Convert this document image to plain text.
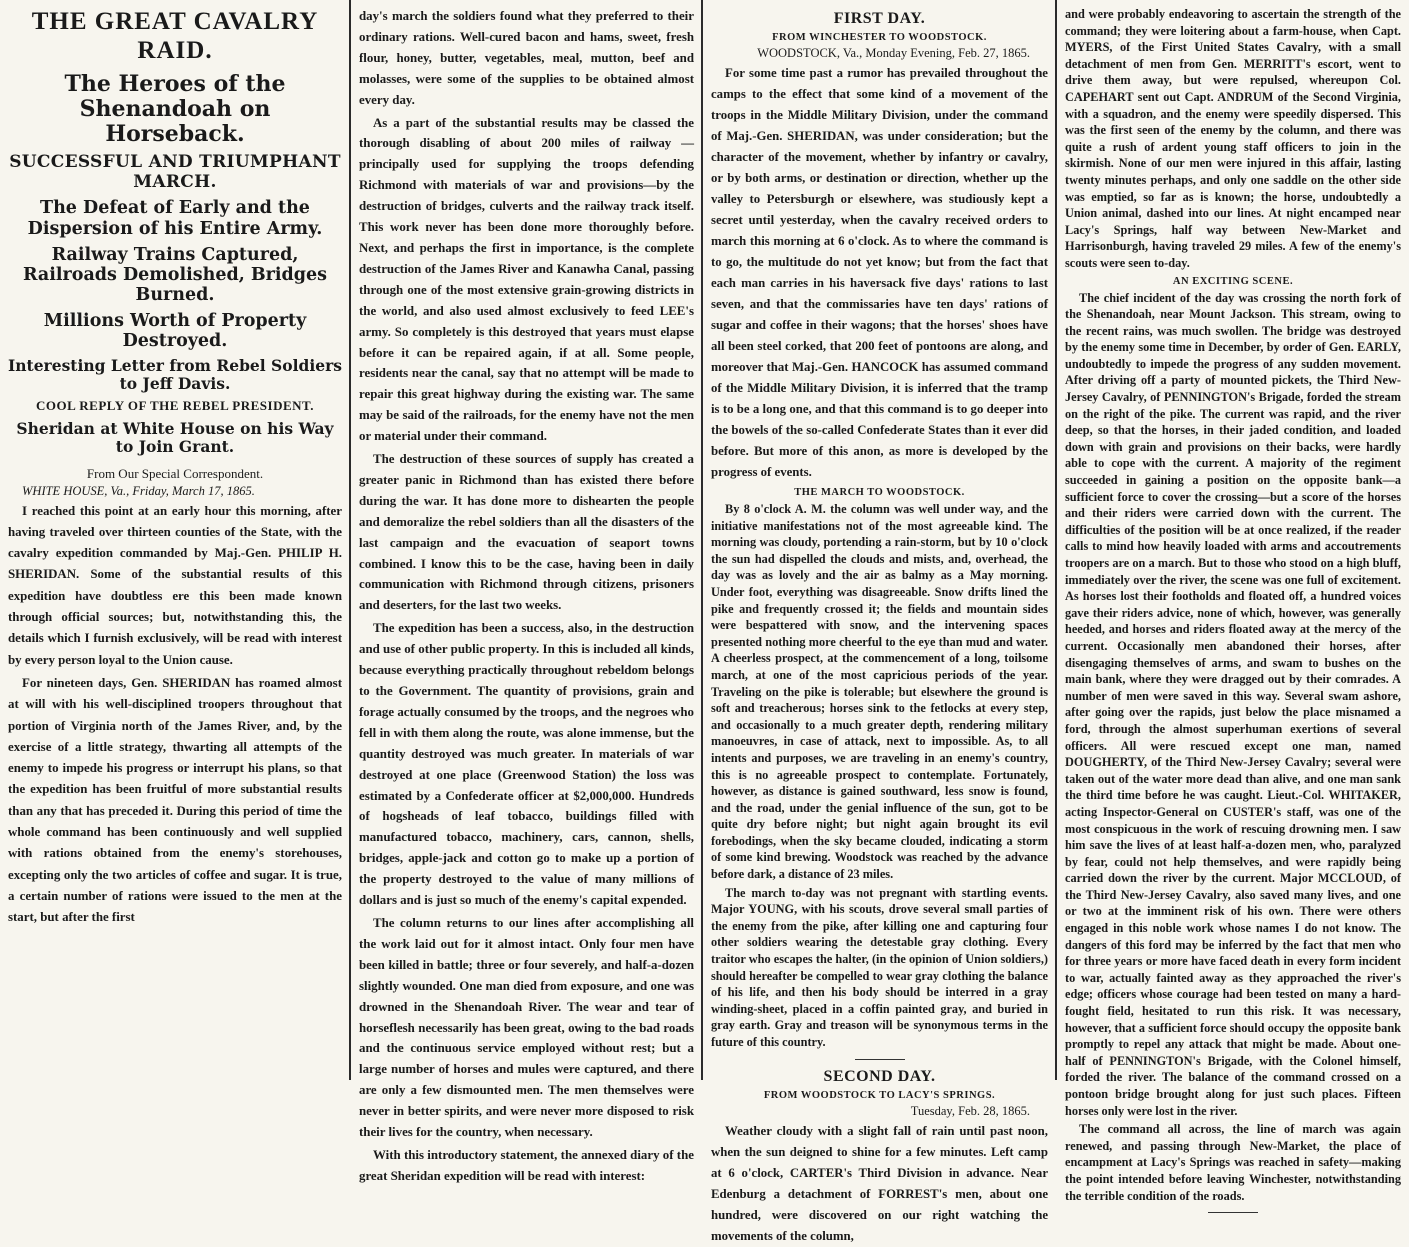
THE GREAT CAVALRY RAID.
The Heroes of the Shenandoah on Horseback.
SUCCESSFUL AND TRIUMPHANT MARCH.
The Defeat of Early and the Dispersion of his Entire Army.
Railway Trains Captured, Railroads Demolished, Bridges Burned.
Millions Worth of Property Destroyed.
Interesting Letter from Rebel Soldiers to Jeff Davis.
COOL REPLY OF THE REBEL PRESIDENT.
Sheridan at White House on his Way to Join Grant.
From Our Special Correspondent.
WHITE HOUSE, Va., Friday, March 17, 1865.

I reached this point at an early hour this morning, after having traveled over thirteen counties of the State, with the cavalry expedition commanded by Maj.-Gen. PHILIP H. SHERIDAN. Some of the substantial results of this expedition have doubtless ere this been made known through official sources; but, notwithstanding this, the details which I furnish exclusively, will be read with interest by every person loyal to the Union cause.

For nineteen days, Gen. SHERIDAN has roamed almost at will with his well-disciplined troopers throughout that portion of Virginia north of the James River, and, by the exercise of a little strategy, thwarting all attempts of the enemy to impede his progress or interrupt his plans, so that the expedition has been fruitful of more substantial results than any that has preceded it. During this period of time the whole command has been continuously and well supplied with rations obtained from the enemy's storehouses, excepting only the two articles of coffee and sugar. It is true, a certain number of rations were issued to the men at the start, but after the first

day's march the soldiers found what they preferred to their ordinary rations. Well-cured bacon and hams, sweet, fresh flour, honey, butter, vegetables, meal, mutton, beef and molasses, were some of the supplies to be obtained almost every day.

As a part of the substantial results may be classed the thorough disabling of about 200 miles of railway —principally used for supplying the troops defending Richmond with materials of war and provisions—by the destruction of bridges, culverts and the railway track itself. This work never has been done more thoroughly before. Next, and perhaps the first in importance, is the complete destruction of the James River and Kanawha Canal, passing through one of the most extensive grain-growing districts in the world, and also used almost exclusively to feed LEE's army. So completely is this destroyed that years must elapse before it can be repaired again, if at all. Some people, residents near the canal, say that no attempt will be made to repair this great highway during the existing war. The same may be said of the railroads, for the enemy have not the men or material under their command.

The destruction of these sources of supply has created a greater panic in Richmond than has existed there before during the war. It has done more to dishearten the people and demoralize the rebel soldiers than all the disasters of the last campaign and the evacuation of seaport towns combined. I know this to be the case, having been in daily communication with Richmond through citizens, prisoners and deserters, for the last two weeks.

The expedition has been a success, also, in the destruction and use of other public property. In this is included all kinds, because everything practically throughout rebeldom belongs to the Government. The quantity of provisions, grain and forage actually consumed by the troops, and the negroes who fell in with them along the route, was alone immense, but the quantity destroyed was much greater. In materials of war destroyed at one place (Greenwood Station) the loss was estimated by a Confederate officer at $2,000,000. Hundreds of hogsheads of leaf tobacco, buildings filled with manufactured tobacco, machinery, cars, cannon, shells, bridges, apple-jack and cotton go to make up a portion of the property destroyed to the value of many millions of dollars and is just so much of the enemy's capital expended.

The column returns to our lines after accomplishing all the work laid out for it almost intact. Only four men have been killed in battle; three or four severely, and half-a-dozen slightly wounded. One man died from exposure, and one was drowned in the Shenandoah River. The wear and tear of horseflesh necessarily has been great, owing to the bad roads and the continuous service employed without rest; but a large number of horses and mules were captured, and there are only a few dismounted men. The men themselves were never in better spirits, and were never more disposed to risk their lives for the country, when necessary.

With this introductory statement, the annexed diary of the great Sheridan expedition will be read with interest:

FIRST DAY.
FROM WINCHESTER TO WOODSTOCK.
WOODSTOCK, Va., Monday Evening, Feb. 27, 1865.

For some time past a rumor has prevailed throughout the camps to the effect that some kind of a movement of the troops in the Middle Military Division, under the command of Maj.-Gen. SHERIDAN, was under consideration; but the character of the movement, whether by infantry or cavalry, or by both arms, or destination or direction, whether up the valley to Petersburgh or elsewhere, was studiously kept a secret until yesterday, when the cavalry received orders to march this morning at 6 o'clock. As to where the command is to go, the multitude do not yet know; but from the fact that each man carries in his haversack five days' rations to last seven, and that the commissaries have ten days' rations of sugar and coffee in their wagons; that the horses' shoes have all been steel corked, that 200 feet of pontoons are along, and moreover that Maj.-Gen. HANCOCK has assumed command of the Middle Military Division, it is inferred that the tramp is to be a long one, and that this command is to go deeper into the bowels of the so-called Confederate States than it ever did before. But more of this anon, as more is developed by the progress of events.

THE MARCH TO WOODSTOCK.

By 8 o'clock A. M. the column was well under way, and the initiative manifestations not of the most agreeable kind. The morning was cloudy, portending a rain-storm, but by 10 o'clock the sun had dispelled the clouds and mists, and, overhead, the day was as lovely and the air as balmy as a May morning. Under foot, everything was disagreeable. Snow drifts lined the pike and frequently crossed it; the fields and mountain sides were bespattered with snow, and the intervening spaces presented nothing more cheerful to the eye than mud and water. A cheerless prospect, at the commencement of a long, toilsome march, at one of the most capricious periods of the year. Traveling on the pike is tolerable; but elsewhere the ground is soft and treacherous; horses sink to the fetlocks at every step, and occasionally to a much greater depth, rendering military manoeuvres, in case of attack, next to impossible. As, to all intents and purposes, we are traveling in an enemy's country, this is no agreeable prospect to contemplate. Fortunately, however, as distance is gained southward, less snow is found, and the road, under the genial influence of the sun, got to be quite dry before night; but night again brought its evil forebodings, when the sky became clouded, indicating a storm of some kind brewing. Woodstock was reached by the advance before dark, a distance of 23 miles.

The march to-day was not pregnant with startling events. Major YOUNG, with his scouts, drove several small parties of the enemy from the pike, after killing one and capturing four other soldiers wearing the detestable gray clothing. Every traitor who escapes the halter, (in the opinion of Union soldiers,) should hereafter be compelled to wear gray clothing the balance of his life, and then his body should be interred in a gray winding-sheet, placed in a coffin painted gray, and buried in gray earth. Gray and treason will be synonymous terms in the future of this country.

SECOND DAY.
FROM WOODSTOCK TO LACY'S SPRINGS.
Tuesday, Feb. 28, 1865.

Weather cloudy with a slight fall of rain until past noon, when the sun deigned to shine for a few minutes. Left camp at 6 o'clock, CARTER's Third Division in advance. Near Edenburg a detachment of FORREST's men, about one hundred, were discovered on our right watching the movements of the column,

and were probably endeavoring to ascertain the strength of the command; they were loitering about a farm-house, when Capt. MYERS, of the First United States Cavalry, with a small detachment of men from Gen. MERRITT's escort, went to drive them away, but were repulsed, whereupon Col. CAPEHART sent out Capt. ANDRUM of the Second Virginia, with a squadron, and the enemy were speedily dispersed. This was the first seen of the enemy by the column, and there was quite a rush of ardent young staff officers to join in the skirmish. None of our men were injured in this affair, lasting twenty minutes perhaps, and only one saddle on the other side was emptied, so far as is known; the horse, undoubtedly a Union animal, dashed into our lines. At night encamped near Lacy's Springs, half way between New-Market and Harrisonburgh, having traveled 29 miles. A few of the enemy's scouts were seen to-day.

AN EXCITING SCENE.

The chief incident of the day was crossing the north fork of the Shenandoah, near Mount Jackson. This stream, owing to the recent rains, was much swollen. The bridge was destroyed by the enemy some time in December, by order of Gen. EARLY, undoubtedly to impede the progress of any sudden movement. After driving off a party of mounted pickets, the Third New-Jersey Cavalry, of PENNINGTON's Brigade, forded the stream on the right of the pike. The current was rapid, and the river deep, so that the horses, in their jaded condition, and loaded down with grain and provisions on their backs, were hardly able to cope with the current. A majority of the regiment succeeded in gaining a position on the opposite bank—a sufficient force to cover the crossing—but a score of the horses and their riders were carried down with the current. The difficulties of the position will be at once realized, if the reader calls to mind how heavily loaded with arms and accoutrements troopers are on a march. But to those who stood on a high bluff, immediately over the river, the scene was one full of excitement. As horses lost their footholds and floated off, a hundred voices gave their riders advice, none of which, however, was generally heeded, and horses and riders floated away at the mercy of the current. Occasionally men abandoned their horses, after disengaging themselves of arms, and swam to bushes on the main bank, where they were dragged out by their comrades. A number of men were saved in this way. Several swam ashore, after going over the rapids, just below the place misnamed a ford, through the almost superhuman exertions of several officers. All were rescued except one man, named DOUGHERTY, of the Third New-Jersey Cavalry; several were taken out of the water more dead than alive, and one man sank the third time before he was caught. Lieut.-Col. WHITAKER, acting Inspector-General on CUSTER's staff, was one of the most conspicuous in the work of rescuing drowning men. I saw him save the lives of at least half-a-dozen men, who, paralyzed by fear, could not help themselves, and were rapidly being carried down the river by the current. Major MCCLOUD, of the Third New-Jersey Cavalry, also saved many lives, and one or two at the imminent risk of his own. There were others engaged in this noble work whose names I do not know. The dangers of this ford may be inferred by the fact that men who for three years or more have faced death in every form incident to war, actually fainted away as they approached the river's edge; officers whose courage had been tested on many a hard-fought field, hesitated to run this risk. It was necessary, however, that a sufficient force should occupy the opposite bank promptly to repel any attack that might be made. About one-half of PENNINGTON's Brigade, with the Colonel himself, forded the river. The balance of the command crossed on a pontoon bridge brought along for just such places. Fifteen horses only were lost in the river.

The command all across, the line of march was again renewed, and passing through New-Market, the place of encampment at Lacy's Springs was reached in safety—making the point intended before leaving Winchester, notwithstanding the terrible condition of the roads.
